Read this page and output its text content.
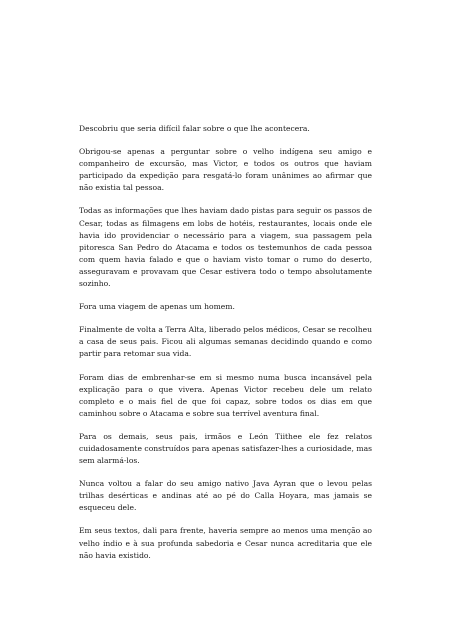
Descobriu que seria difícil falar sobre o que lhe acontecera.

Obrigou-se apenas a perguntar sobre o velho indígena seu amigo e companheiro de excursão, mas Victor, e todos os outros que haviam participado da expedição para resgatá-lo foram unânimes ao afirmar que não existia tal pessoa.

Todas as informações que lhes haviam dado pistas para seguir os passos de Cesar, todas as filmagens em lobs de hotéis, restaurantes, locais onde ele havia ido providenciar o necessário para a viagem, sua passagem pela pitoresca San Pedro do Atacama e todos os testemunhos de cada pessoa com quem havia falado e que o haviam visto tomar o rumo do deserto, asseguravam e provavam que Cesar estivera todo o tempo absolutamente sozinho.

Fora uma viagem de apenas um homem.

Finalmente de volta a Terra Alta, liberado pelos médicos, Cesar se recolheu a casa de seus pais. Ficou ali algumas semanas decidindo quando e como partir para retomar sua vida.

Foram dias de embrenhar-se em si mesmo numa busca incansável pela explicação para o que vivera. Apenas Victor recebeu dele um relato completo e o mais fiel de que foi capaz, sobre todos os dias em que caminhou sobre o Atacama e sobre sua terrível aventura final.

Para os demais, seus pais, irmãos e León Tiithee ele fez relatos cuidadosamente construídos para apenas satisfazer-lhes a curiosidade, mas sem alarmá-los.

Nunca voltou a falar do seu amigo nativo Java Ayran que o levou pelas trilhas desérticas e andinas até ao pé do Calla Hoyara, mas jamais se esqueceu dele.

Em seus textos, dali para frente, haveria sempre ao menos uma menção ao velho índio e à sua profunda sabedoria e Cesar nunca acreditaria que ele não havia existido.
